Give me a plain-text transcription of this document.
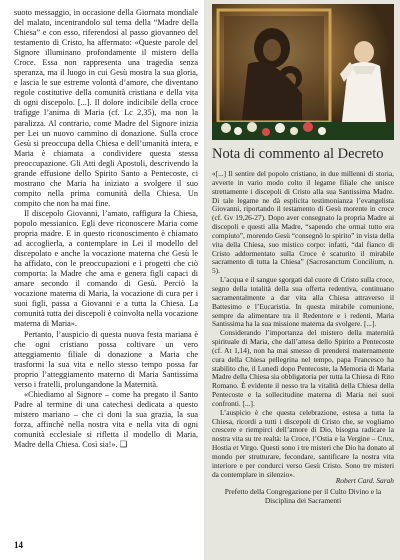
suoto messaggio, in occasione della Giornata mondiale del malato, incentrandolo sul tema della “Madre della Chiesa” e con esso, riferendosi al passo giovanneo del testamento di Cristo, ha affermato: «Queste parole del Signore illuminano profondamente il mistero della Croce. Essa non rappresenta una tragedia senza speranza, ma il luogo in cui Gesù mostra la sua gloria, e lascia le sue estreme volontà d’amore, che diventano regole costitutive della comunità cristiana e della vita di ogni discepolo. [...]. Il dolore indicibile della croce trafigge l’anima di Maria (cf. Lc 2,35), ma non la paralizza. Al contrario, come Madre del Signore inizia per Lei un nuovo cammino di donazione. Sulla croce Gesù si preoccupa della Chiesa e dell’umanità intera, e Maria è chiamata a condividere questa stessa preoccupazione. Gli Atti degli Apostoli, descrivendo la grande effusione dello Spirito Santo a Pentecoste, ci mostrano che Maria ha iniziato a svolgere il suo compito nella prima comunità della Chiesa. Un compito che non ha mai fine.

Il discepolo Giovanni, l’amato, raffigura la Chiesa, popolo messianico. Egli deve riconoscere Maria come propria madre. E in questo riconoscimento è chiamato ad accoglierla, a contemplare in Lei il modello del discepolato e anche la vocazione materna che Gesù le ha affidato, con le preoccupazioni e i progetti che ciò comporta: la Madre che ama e genera figli capaci di amare secondo il comando di Gesù. Perciò la vocazione materna di Maria, la vocazione di cura per i suoi figli, passa a Giovanni e a tutta la Chiesa. La comunità tutta dei discepoli è coinvolta nella vocazione materna di Maria».

Pertanto, l’auspicio di questa nuova festa mariana è che ogni cristiano possa coltivare un vero atteggiamento filiale di donazione a Maria che trasformi la sua vita e nello stesso tempo possa far proprio l’atteggiamento materno di Maria Santissima verso i fratelli, prolungandone la Maternità.

«Chiediamo al Signore – come ha pregato il Santo Padre al termine di una catechesi dedicata a questo mistero mariano – che ci doni la sua grazia, la sua forza, affinché nella nostra vita e nella vita di ogni comunità ecclesiale si rifletta il modello di Maria, Madre della Chiesa. Così sia!». ❑

Nota di commento al Decreto

«[...] Il sentire del popolo cristiano, in due millenni di storia, avverte in vario modo colto il legame filiale che unisce strettamente i discepoli di Cristo alla sua Santissima Madre. Di tale legame ne dà esplicita testimonianza l’evangelista Giovanni, riportando il testamento di Gesù morente in croce (cf. Gv 19,26-27). Dopo aver consegnato la propria Madre ai discepoli e questi alla Madre, “sapendo che ormai tutto era compiuto”, morendo Gesù “consegnò lo spirito” in vista della vita della Chiesa, suo mistico corpo: infatti, “dal fianco di Cristo addormentato sulla Croce è scaturito il mirabile sacramento di tutta la Chiesa” (Sacrosanctum Concilium, n. 5).

L’acqua e il sangue sgorgati dal cuore di Cristo sulla croce, segno della totalità della sua offerta redentiva, continuano sacramentalmente a dar vita alla Chiesa attraverso il Battesimo e l’Eucaristia. In questa mirabile comunione, sempre da alimentare tra il Redentore e i redenti, Maria Santissima ha la sua missione materna da svolgere. [...].

Considerando l’importanza del mistero della maternità spirituale di Maria, che dall’attesa dello Spirito a Pentecoste (cf. At 1,14), non ha mai smesso di prendersi maternamente cura della Chiesa pellegrina nel tempo, papa Francesco ha stabilito che, il Lunedì dopo Pentecoste, la Memoria di Maria Madre della Chiesa sia obbligatoria per tutta la Chiesa di Rito Romano. È evidente il nesso tra la vitalità della Chiesa della Pentecoste e la sollecitudine materna di Maria nei suoi confronti. [...].

L’auspicio è che questa celebrazione, estesa a tutta la Chiesa, ricordi a tutti i discepoli di Cristo che, se vogliamo crescere e riempirci dell’amore di Dio, bisogna radicare la nostra vita su tre realtà: la Croce, l’Ostia e la Vergine – Crux, Hostia et Virgo. Questi sono i tre misteri che Dio ha donato al mondo per strutturare, fecondare, santificare la nostra vita interiore e per condurci verso Gesù Cristo. Sono tre misteri da contemplare in silenzio».

Robert Card. Sarah
Prefetto della Congregazione per il Culto Divino e la Disciplina dei Sacramenti
14
